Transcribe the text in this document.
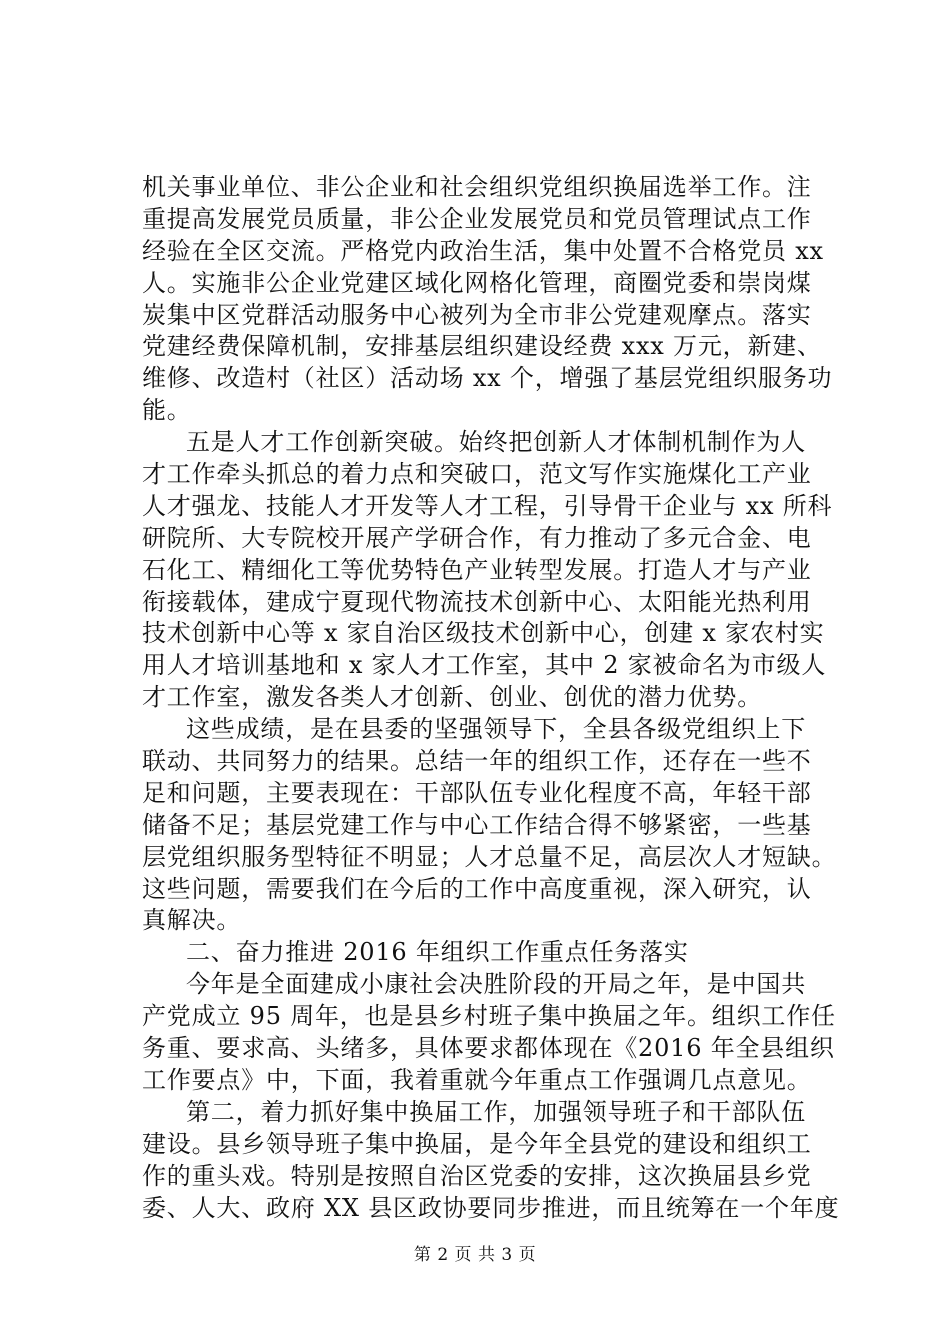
机关事业单位、非公企业和社会组织党组织换届选举工作。注
重提高发展党员质量，非公企业发展党员和党员管理试点工作
经验在全区交流。严格党内政治生活，集中处置不合格党员 xx
人。实施非公企业党建区域化网格化管理，商圈党委和崇岗煤
炭集中区党群活动服务中心被列为全市非公党建观摩点。落实
党建经费保障机制，安排基层组织建设经费 xxx 万元，新建、
维修、改造村（社区）活动场 xx 个，增强了基层党组织服务功
能。
五是人才工作创新突破。始终把创新人才体制机制作为人
才工作牵头抓总的着力点和突破口，范文写作实施煤化工产业
人才强龙、技能人才开发等人才工程，引导骨干企业与 xx 所科
研院所、大专院校开展产学研合作，有力推动了多元合金、电
石化工、精细化工等优势特色产业转型发展。打造人才与产业
衔接载体，建成宁夏现代物流技术创新中心、太阳能光热利用
技术创新中心等 x 家自治区级技术创新中心，创建 x 家农村实
用人才培训基地和 x 家人才工作室，其中 2 家被命名为市级人
才工作室，激发各类人才创新、创业、创优的潜力优势。
这些成绩，是在县委的坚强领导下，全县各级党组织上下
联动、共同努力的结果。总结一年的组织工作，还存在一些不
足和问题，主要表现在：干部队伍专业化程度不高，年轻干部
储备不足；基层党建工作与中心工作结合得不够紧密，一些基
层党组织服务型特征不明显；人才总量不足，高层次人才短缺。
这些问题，需要我们在今后的工作中高度重视，深入研究，认
真解决。
二、奋力推进 2016 年组织工作重点任务落实
今年是全面建成小康社会决胜阶段的开局之年，是中国共
产党成立 95 周年，也是县乡村班子集中换届之年。组织工作任
务重、要求高、头绪多，具体要求都体现在《2016 年全县组织
工作要点》中，下面，我着重就今年重点工作强调几点意见。
第二，着力抓好集中换届工作，加强领导班子和干部队伍
建设。县乡领导班子集中换届，是今年全县党的建设和组织工
作的重头戏。特别是按照自治区党委的安排，这次换届县乡党
委、人大、政府 XX 县区政协要同步推进，而且统筹在一个年度
第 2 页 共 3 页
